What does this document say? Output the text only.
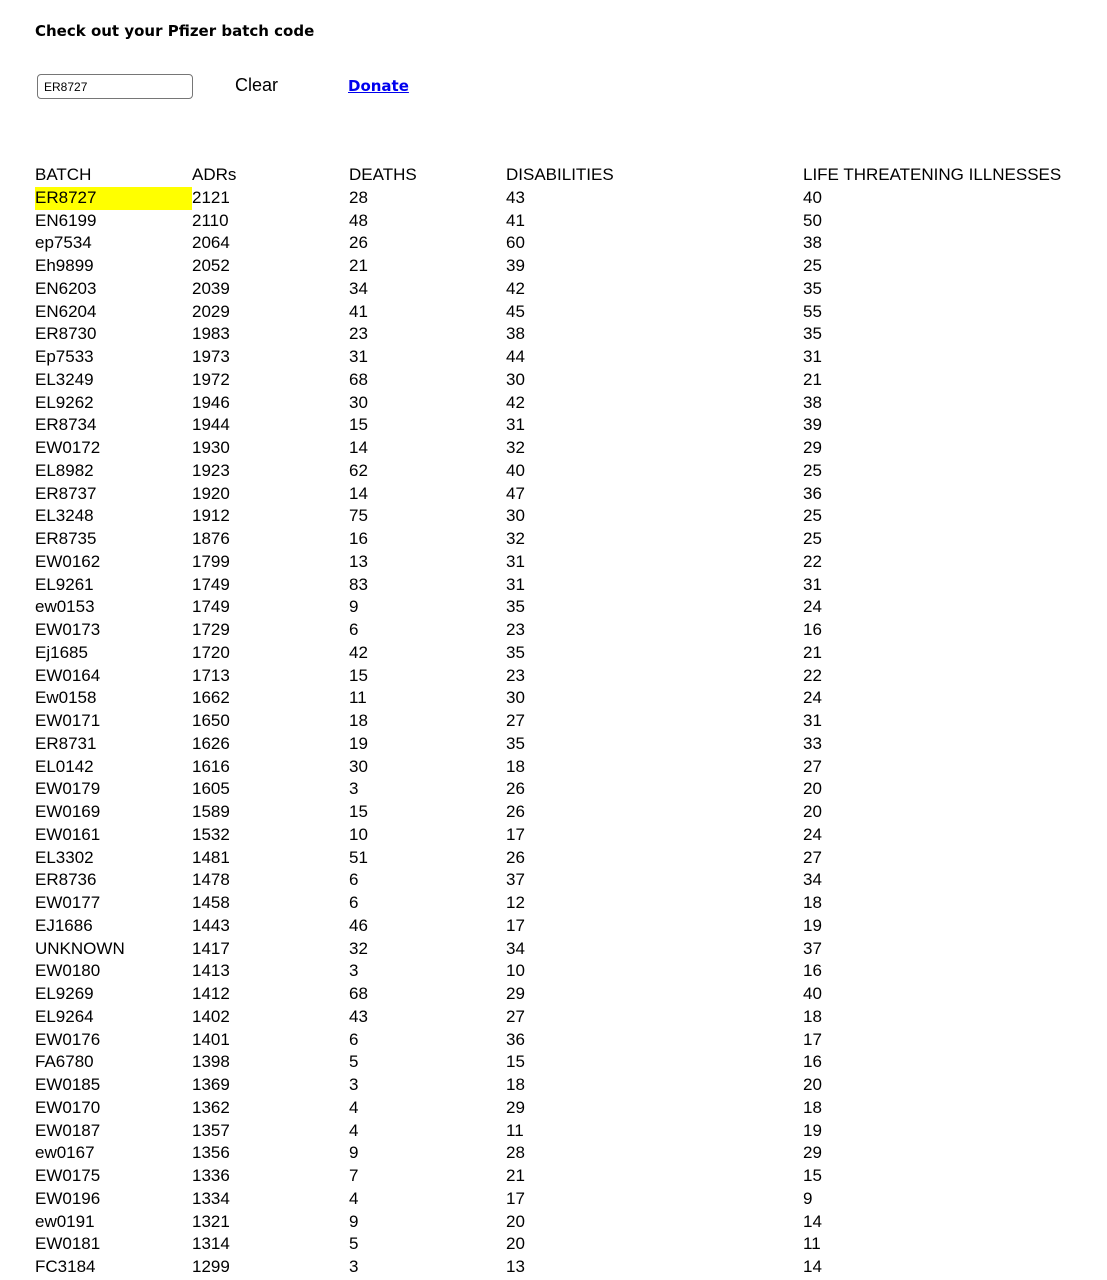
Check out your Pfizer batch code
ER8727
Clear	Donate
BATCH	ADRs	DEATHS	DISABILITIES	LIFE THREATENING ILLNESSES
ER8727	2121	28	43	40
EN6199	2110	48	41	50
ep7534	2064	26	60	38
Eh9899	2052	21	39	25
EN6203	2039	34	42	35
EN6204	2029	41	45	55
ER8730	1983	23	38	35
Ep7533	1973	31	44	31
EL3249	1972	68	30	21
EL9262	1946	30	42	38
ER8734	1944	15	31	39
EW0172	1930	14	32	29
EL8982	1923	62	40	25
ER8737	1920	14	47	36
EL3248	1912	75	30	25
ER8735	1876	16	32	25
EW0162	1799	13	31	22
EL9261	1749	83	31	31
ew0153	1749	9	35	24
EW0173	1729	6	23	16
Ej1685	1720	42	35	21
EW0164	1713	15	23	22
Ew0158	1662	11	30	24
EW0171	1650	18	27	31
ER8731	1626	19	35	33
EL0142	1616	30	18	27
EW0179	1605	3	26	20
EW0169	1589	15	26	20
EW0161	1532	10	17	24
EL3302	1481	51	26	27
ER8736	1478	6	37	34
EW0177	1458	6	12	18
EJ1686	1443	46	17	19
UNKNOWN	1417	32	34	37
EW0180	1413	3	10	16
EL9269	1412	68	29	40
EL9264	1402	43	27	18
EW0176	1401	6	36	17
FA6780	1398	5	15	16
EW0185	1369	3	18	20
EW0170	1362	4	29	18
EW0187	1357	4	11	19
ew0167	1356	9	28	29
EW0175	1336	7	21	15
EW0196	1334	4	17	9
ew0191	1321	9	20	14
EW0181	1314	5	20	11
FC3184	1299	3	13	14
